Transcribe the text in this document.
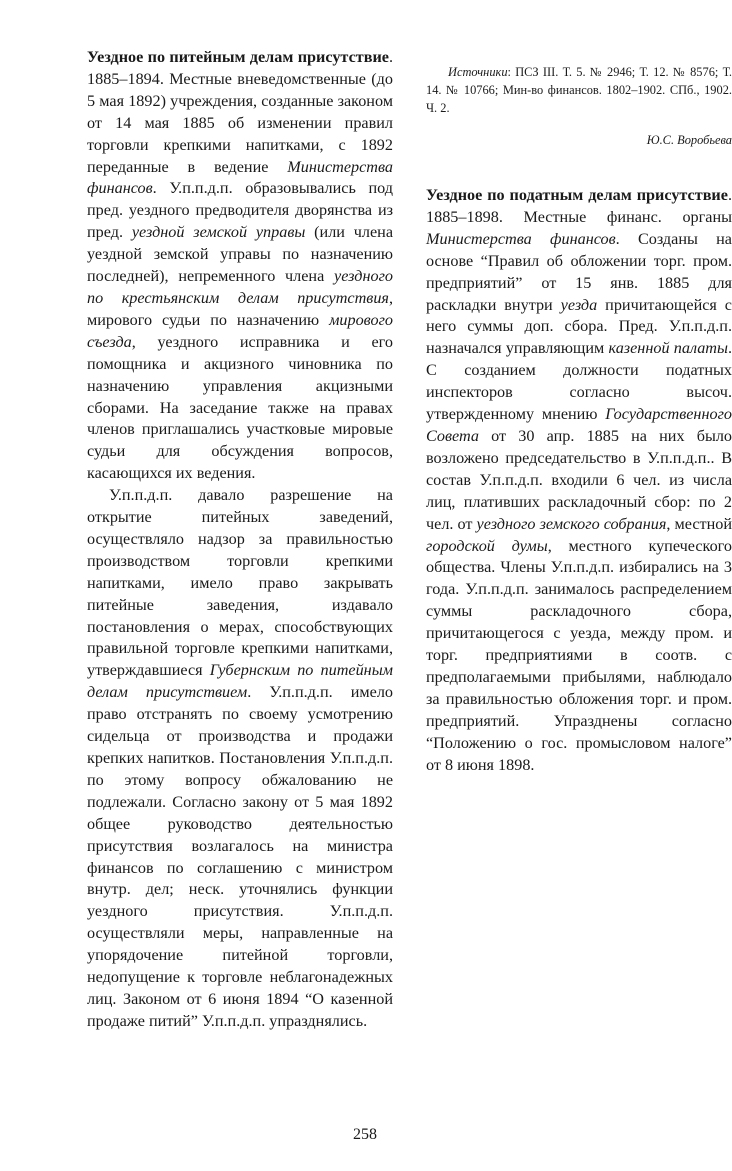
Уездное по питейным делам присутствие. 1885–1894. Местные вневедомственные (до 5 мая 1892) учреждения, созданные законом от 14 мая 1885 об изменении правил торговли крепкими напитками, с 1892 переданные в ведение Министерства финансов. У.п.п.д.п. образовывались под пред. уездного предводителя дворянства из пред. уездной земской управы (или члена уездной земской управы по назначению последней), непременного члена уездного по крестьянским делам присутствия, мирового судьи по назначению мирового съезда, уездного исправника и его помощника и акцизного чиновника по назначению управления акцизными сборами. На заседание также на правах членов приглашались участковые мировые судьи для обсуждения вопросов, касающихся их ведения.

У.п.п.д.п. давало разрешение на открытие питейных заведений, осуществляло надзор за правильностью производством торговли крепкими напитками, имело право закрывать питейные заведения, издавало постановления о мерах, способствующих правильной торговле крепкими напитками, утверждавшиеся Губернским по питейным делам присутствием. У.п.п.д.п. имело право отстранять по своему усмотрению сидельца от производства и продажи крепких напитков. Постановления У.п.п.д.п. по этому вопросу обжалованию не подлежали. Согласно закону от 5 мая 1892 общее руководство деятельностью присутствия возлагалось на министра финансов по соглашению с министром внутр. дел; неск. уточнялись функции уездного присутствия. У.п.п.д.п. осуществляли меры, направленные на упорядочение питейной торговли, недопущение к торговле неблагонадежных лиц. Законом от 6 июня 1894 “О казенной продаже питий” У.п.п.д.п. упразднялись.

Источники: ПСЗ III. Т. 5. № 2946; Т. 12. № 8576; Т. 14. № 10766; Мин-во финансов. 1802–1902. СПб., 1902. Ч. 2.

Ю.С. Воробьева

Уездное по податным делам присутствие. 1885–1898. Местные финанс. органы Министерства финансов. Созданы на основе “Правил об обложении торг. пром. предприятий” от 15 янв. 1885 для раскладки внутри уезда причитающейся с него суммы доп. сбора. Пред. У.п.п.д.п. назначался управляющим казенной палаты. С созданием должности податных инспекторов согласно высоч. утвержденному мнению Государственного Совета от 30 апр. 1885 на них было возложено председательство в У.п.п.д.п.. В состав У.п.п.д.п. входили 6 чел. из числа лиц, плативших раскладочный сбор: по 2 чел. от уездного земского собрания, местной городской думы, местного купеческого общества. Члены У.п.п.д.п. избирались на 3 года. У.п.п.д.п. занималось распределением суммы раскладочного сбора, причитающегося с уезда, между пром. и торг. предприятиями в соотв. с предполагаемыми прибылями, наблюдало за правильностью обложения торг. и пром. предприятий. Упразднены согласно “Положению о гос. промысловом налоге” от 8 июня 1898.

258
